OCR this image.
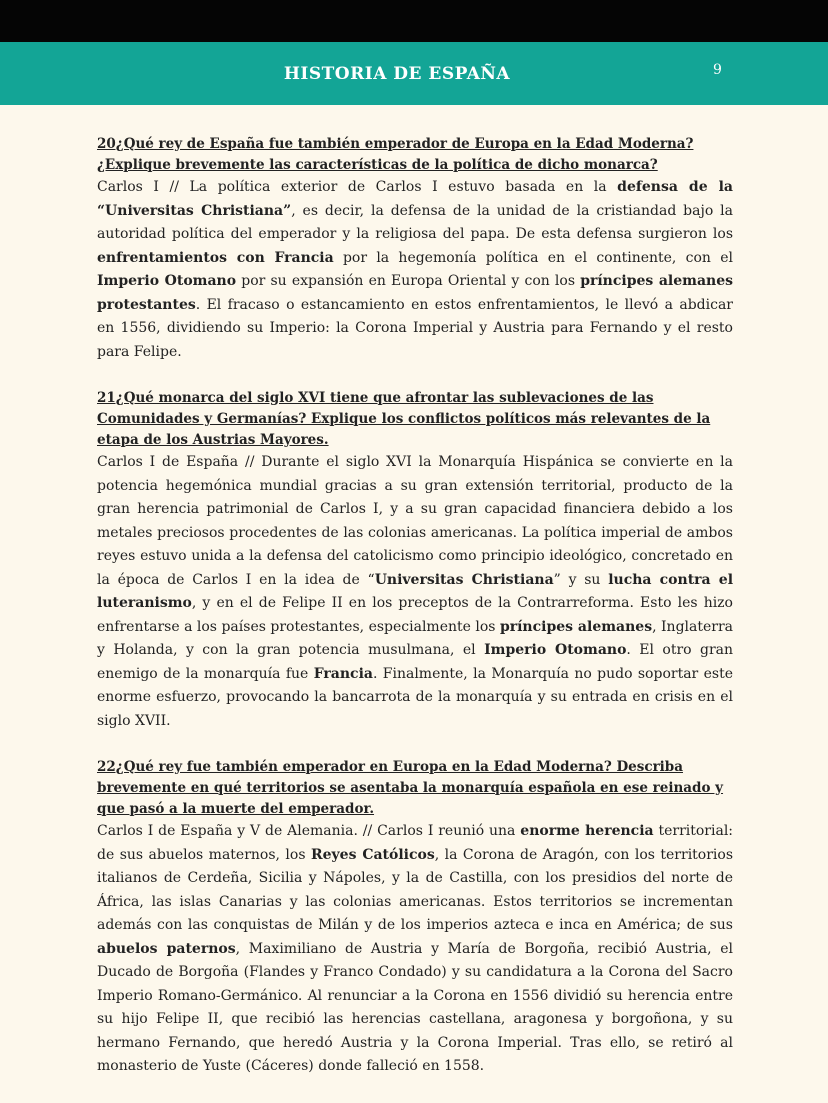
HISTORIA DE ESPAÑA	9

20¿Qué rey de España fue también emperador de Europa en la Edad Moderna? ¿Explique brevemente las características de la política de dicho monarca?

Carlos I // La política exterior de Carlos I estuvo basada en la defensa de la “Universitas Christiana”, es decir, la defensa de la unidad de la cristiandad bajo la autoridad política del emperador y la religiosa del papa. De esta defensa surgieron los enfrentamientos con Francia por la hegemonía política en el continente, con el Imperio Otomano por su expansión en Europa Oriental y con los príncipes alemanes protestantes. El fracaso o estancamiento en estos enfrentamientos, le llevó a abdicar en 1556, dividiendo su Imperio: la Corona Imperial y Austria para Fernando y el resto para Felipe.

21¿Qué monarca del siglo XVI tiene que afrontar las sublevaciones de las Comunidades y Germanías? Explique los conflictos políticos más relevantes de la etapa de los Austrias Mayores.

Carlos I de España // Durante el siglo XVI la Monarquía Hispánica se convierte en la potencia hegemónica mundial gracias a su gran extensión territorial, producto de la gran herencia patrimonial de Carlos I, y a su gran capacidad financiera debido a los metales preciosos procedentes de las colonias americanas. La política imperial de ambos reyes estuvo unida a la defensa del catolicismo como principio ideológico, concretado en la época de Carlos I en la idea de “Universitas Christiana” y su lucha contra el luteranismo, y en el de Felipe II en los preceptos de la Contrarreforma. Esto les hizo enfrentarse a los países protestantes, especialmente los príncipes alemanes, Inglaterra y Holanda, y con la gran potencia musulmana, el Imperio Otomano. El otro gran enemigo de la monarquía fue Francia. Finalmente, la Monarquía no pudo soportar este enorme esfuerzo, provocando la bancarrota de la monarquía y su entrada en crisis en el siglo XVII.

22¿Qué rey fue también emperador en Europa en la Edad Moderna? Describa brevemente en qué territorios se asentaba la monarquía española en ese reinado y que pasó a la muerte del emperador.

Carlos I de España y V de Alemania. // Carlos I reunió una enorme herencia territorial: de sus abuelos maternos, los Reyes Católicos, la Corona de Aragón, con los territorios italianos de Cerdeña, Sicilia y Nápoles, y la de Castilla, con los presidios del norte de África, las islas Canarias y las colonias americanas. Estos territorios se incrementan además con las conquistas de Milán y de los imperios azteca e inca en América; de sus abuelos paternos, Maximiliano de Austria y María de Borgoña, recibió Austria, el Ducado de Borgoña (Flandes y Franco Condado) y su candidatura a la Corona del Sacro Imperio Romano-Germánico. Al renunciar a la Corona en 1556 dividió su herencia entre su hijo Felipe II, que recibió las herencias castellana, aragonesa y borgoñona, y su hermano Fernando, que heredó Austria y la Corona Imperial. Tras ello, se retiró al monasterio de Yuste (Cáceres) donde falleció en 1558.
